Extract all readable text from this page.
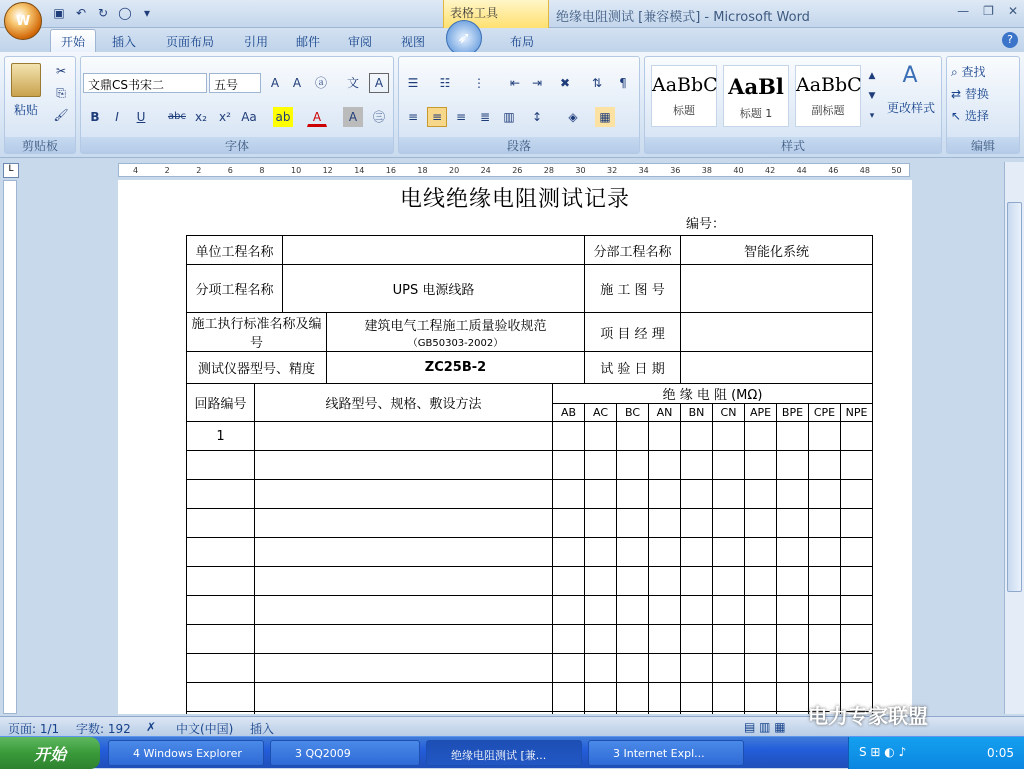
▣ ↶ ↻ ◯	▾	表格工具	绝缘电阻测试 [兼容模式] - Microsoft Word	— ❐ ✕
W
开始	插入	页面布局	引用	邮件	审阅	视图	➶	布局	?
粘贴
✂
⎘
🖌
剪贴板
文鼎CS书宋二	五号	A	A	ⓐ	文	A
B	I	U	abc x₂	x² Aa ab	A	A	㊂
字体
☰	☷	⋮	⇤ ⇥	✖	⇅	¶
≡	≡	≡	≣	▥	↕	◈	▦
段落
AaBbC
标题
AaBl
标题 1
AaBbC
副标题
▲
▼
▾
A
更改样式
样式
⌕ 查找
⇄ 替换
↖ 选择
编辑
L	4	2	2	6	8	10	12	14	16	18	20	24	26	28	30	32	34	36	38	40	42	44	46	48	50
电线绝缘电阻测试记录
编号：
单位工程名称					分部工程名称			智能化系统					
分项工程名称		UPS 电源线路			施 工 图 号								
施工执行标准名称及编号			建筑电气工程施工质量验收规范
（GB50303-2002）		项 目 经 理								
测试仪器型号、精度			ZC25B-2		试 验 日 期								
回路编号	线路型号、规格、敷设方法			绝 缘 电 阻 (MΩ)									
				AB	AC	BC	AN	BN	CN	APE	BPE	CPE	NPE
1													

页面: 1/1 字数: 192 ✗ 中文(中国) 插入	▤ ▥ ▦ 电力专家联盟
开始	4 Windows Explorer	3 QQ2009	绝缘电阻测试 [兼...	3 Internet Expl...	S ⊞ ◐ ♪	0:05
